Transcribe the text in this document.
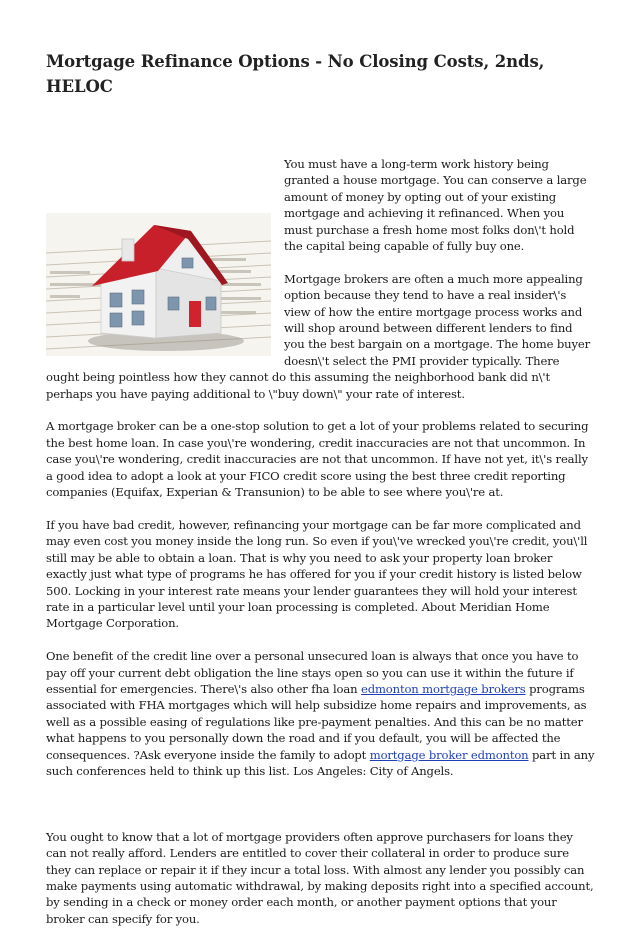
Mortgage Refinance Options - No Closing Costs, 2nds, HELOC

You must have a long-term work history being granted a house mortgage. You can conserve a large amount of money by opting out of your existing mortgage and achieving it refinanced. When you must purchase a fresh home most folks don\'t hold the capital being capable of fully buy one.

Mortgage brokers are often a much more appealing option because they tend to have a real insider\'s view of how the entire mortgage process works and will shop around between different lenders to find you the best bargain on a mortgage. The home buyer doesn\'t select the PMI provider typically. There ought being pointless how they cannot do this assuming the neighborhood bank did n\'t perhaps you have paying additional to \"buy down\" your rate of interest.

A mortgage broker can be a one-stop solution to get a lot of your problems related to securing the best home loan. In case you\'re wondering, credit inaccuracies are not that uncommon. In case you\'re wondering, credit inaccuracies are not that uncommon. If have not yet, it\'s really a good idea to adopt a look at your FICO credit score using the best three credit reporting companies (Equifax, Experian & Transunion) to be able to see where you\'re at.

If you have bad credit, however, refinancing your mortgage can be far more complicated and may even cost you money inside the long run. So even if you\'ve wrecked you\'re credit, you\'ll still may be able to obtain a loan. That is why you need to ask your property loan broker exactly just what type of programs he has offered for you if your credit history is listed below 500. Locking in your interest rate means your lender guarantees they will hold your interest rate in a particular level until your loan processing is completed. About Meridian Home Mortgage Corporation.

One benefit of the credit line over a personal unsecured loan is always that once you have to pay off your current debt obligation the line stays open so you can use it within the future if essential for emergencies. There\'s also other fha loan edmonton mortgage brokers programs associated with FHA mortgages which will help subsidize home repairs and improvements, as well as a possible easing of regulations like pre-payment penalties. And this can be no matter what happens to you personally down the road and if you default, you will be affected the consequences. ?Ask everyone inside the family to adopt mortgage broker edmonton part in any such conferences held to think up this list. Los Angeles: City of Angels.

You ought to know that a lot of mortgage providers often approve purchasers for loans they can not really afford. Lenders are entitled to cover their collateral in order to produce sure they can replace or repair it if they incur a total loss. With almost any lender you possibly can make payments using automatic withdrawal, by making deposits right into a specified account, by sending in a check or money order each month, or another payment options that your broker can specify for you.
